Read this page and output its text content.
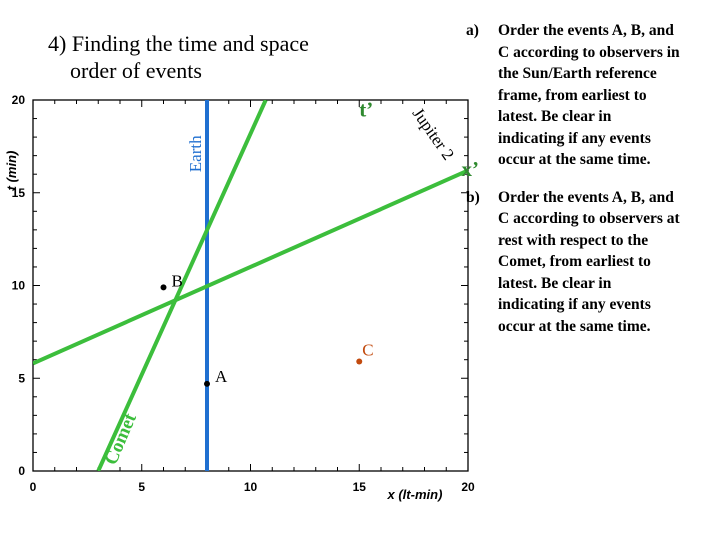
0	5	10	15	20
0
5
10
15
20
A
B
C
Earth
Comet
Jupiter 2
t’
x’
x (lt-min)
t (min)
4) Finding the time and space
order of events
a)	Order the events A, B, and
C according to observers in
the Sun/Earth reference
frame, from earliest to
latest. Be clear in
indicating if any events
occur at the same time.
b)	Order the events A, B, and
C according to observers at
rest with respect to the
Comet, from earliest to
latest. Be clear in
indicating if any events
occur at the same time.
